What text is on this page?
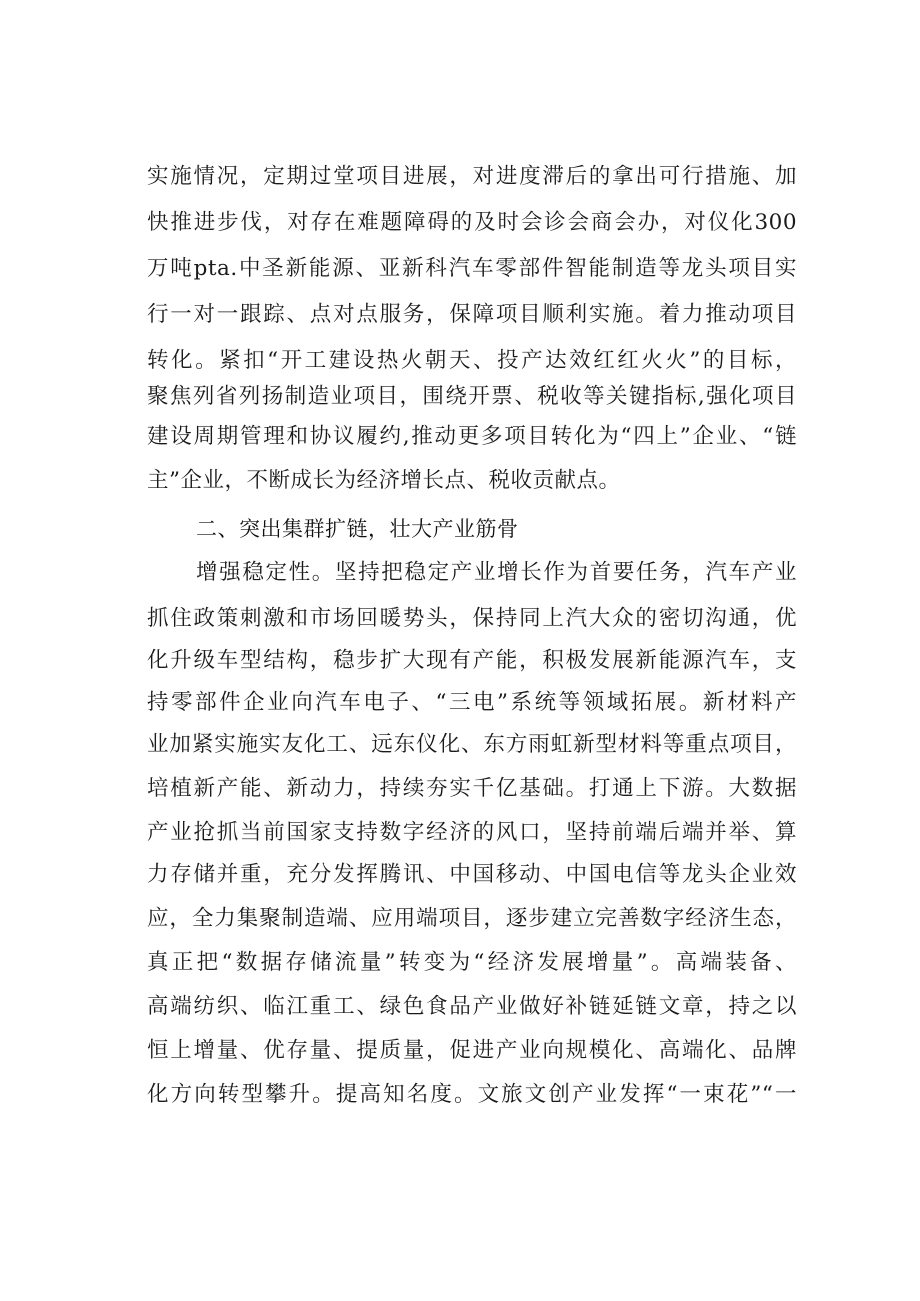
实施情况，定期过堂项目进展，对进度滞后的拿出可行措施、加
快推进步伐，对存在难题障碍的及时会诊会商会办，对仪化300
万吨pta.中圣新能源、亚新科汽车零部件智能制造等龙头项目实
行一对一跟踪、点对点服务，保障项目顺利实施。着力推动项目
转化。紧扣“开工建设热火朝天、投产达效红红火火”的目标，
聚焦列省列扬制造业项目，围绕开票、税收等关键指标,强化项目
建设周期管理和协议履约,推动更多项目转化为“四上”企业、“链
主”企业，不断成长为经济增长点、税收贡献点。
二、突出集群扩链，壮大产业筋骨
增强稳定性。坚持把稳定产业增长作为首要任务，汽车产业
抓住政策刺激和市场回暖势头，保持同上汽大众的密切沟通，优
化升级车型结构，稳步扩大现有产能，积极发展新能源汽车，支
持零部件企业向汽车电子、“三电”系统等领域拓展。新材料产
业加紧实施实友化工、远东仪化、东方雨虹新型材料等重点项目，
培植新产能、新动力，持续夯实千亿基础。打通上下游。大数据
产业抢抓当前国家支持数字经济的风口，坚持前端后端并举、算
力存储并重，充分发挥腾讯、中国移动、中国电信等龙头企业效
应，全力集聚制造端、应用端项目，逐步建立完善数字经济生态，
真正把“数据存储流量”转变为“经济发展增量”。高端装备、
高端纺织、临江重工、绿色食品产业做好补链延链文章，持之以
恒上增量、优存量、提质量，促进产业向规模化、高端化、品牌
化方向转型攀升。提高知名度。文旅文创产业发挥“一束花”“一
